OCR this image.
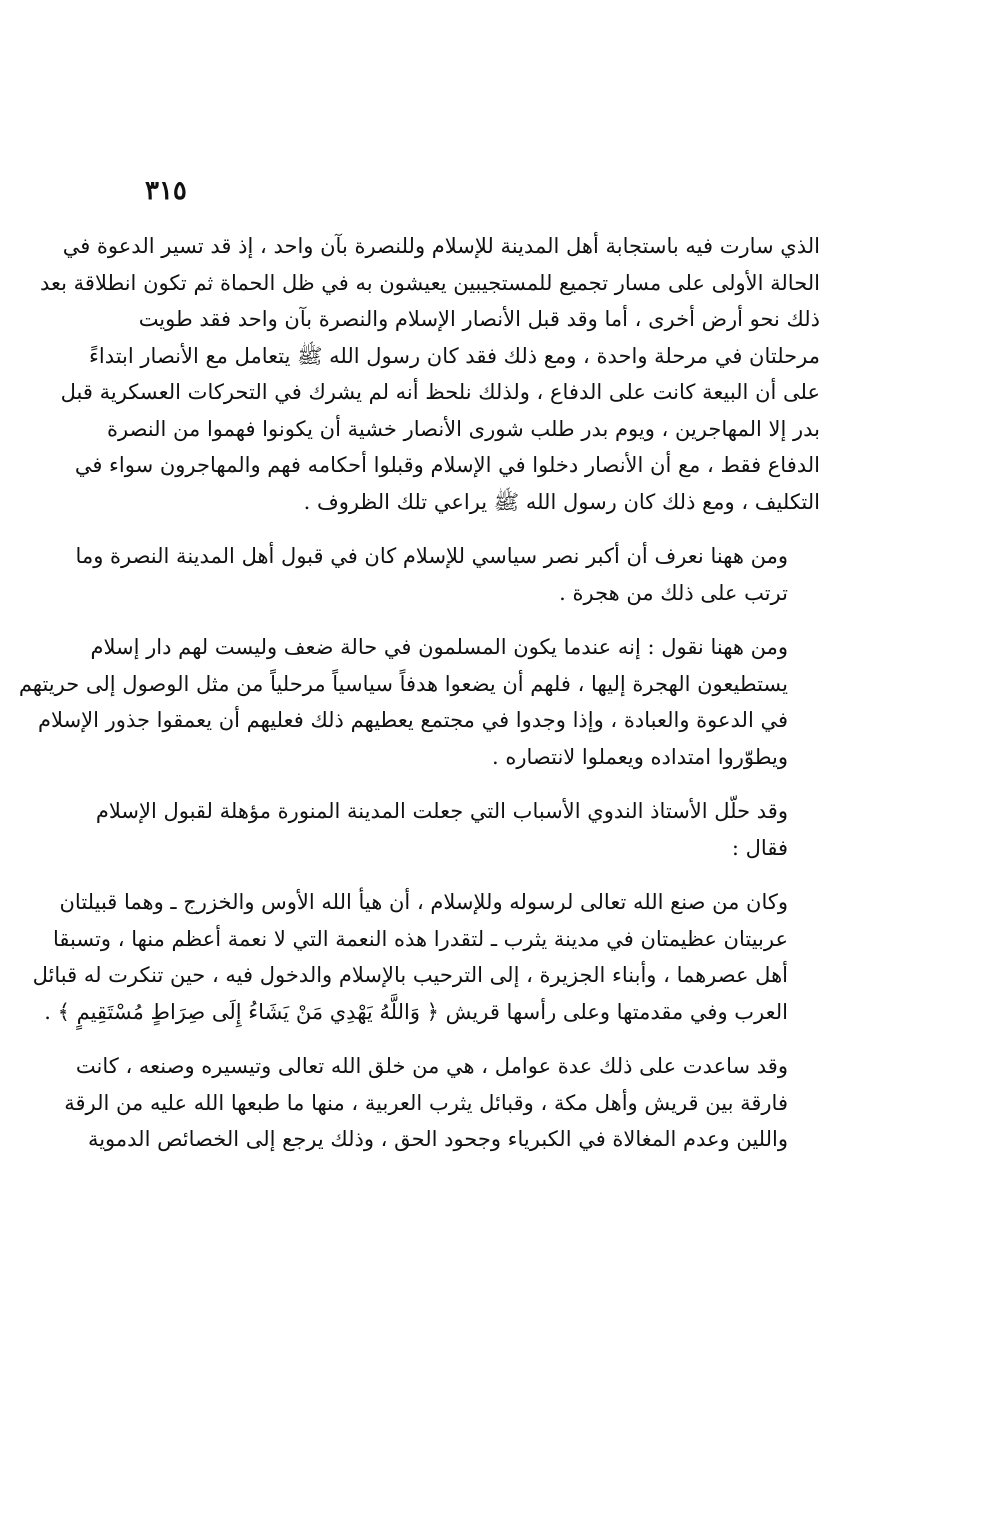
٣١٥

الذي سارت فيه باستجابة أهل المدينة للإسلام وللنصرة بآن واحد ، إذ قد تسير الدعوة في
الحالة الأولى على مسار تجميع للمستجيبين يعيشون به في ظل الحماة ثم تكون انطلاقة بعد
ذلك نحو أرض أخرى ، أما وقد قبل الأنصار الإسلام والنصرة بآن واحد فقد طويت
مرحلتان في مرحلة واحدة ، ومع ذلك فقد كان رسول الله ﷺ يتعامل مع الأنصار ابتداءً
على أن البيعة كانت على الدفاع ، ولذلك نلحظ أنه لم يشرك في التحركات العسكرية قبل
بدر إلا المهاجرين ، ويوم بدر طلب شورى الأنصار خشية أن يكونوا فهموا من النصرة
الدفاع فقط ، مع أن الأنصار دخلوا في الإسلام وقبلوا أحكامه فهم والمهاجرون سواء في
التكليف ، ومع ذلك كان رسول الله ﷺ يراعي تلك الظروف .

ومن ههنا نعرف أن أكبر نصر سياسي للإسلام كان في قبول أهل المدينة النصرة وما
ترتب على ذلك من هجرة .

ومن ههنا نقول : إنه عندما يكون المسلمون في حالة ضعف وليست لهم دار إسلام
يستطيعون الهجرة إليها ، فلهم أن يضعوا هدفاً سياسياً مرحلياً من مثل الوصول إلى حريتهم
في الدعوة والعبادة ، وإذا وجدوا في مجتمع يعطيهم ذلك فعليهم أن يعمقوا جذور الإسلام
ويطوّروا امتداده ويعملوا لانتصاره .

وقد حلّل الأستاذ الندوي الأسباب التي جعلت المدينة المنورة مؤهلة لقبول الإسلام
فقال :

وكان من صنع الله تعالى لرسوله وللإسلام ، أن هيأ الله الأوس والخزرج ـ وهما قبيلتان
عربيتان عظيمتان في مدينة يثرب ـ لتقدرا هذه النعمة التي لا نعمة أعظم منها ، وتسبقا
أهل عصرهما ، وأبناء الجزيرة ، إلى الترحيب بالإسلام والدخول فيه ، حين تنكرت له قبائل
العرب وفي مقدمتها وعلى رأسها قريش ﴿ وَاللَّهُ يَهْدِي مَنْ يَشَاءُ إِلَى صِرَاطٍ مُسْتَقِيمٍ ﴾ .

وقد ساعدت على ذلك عدة عوامل ، هي من خلق الله تعالى وتيسيره وصنعه ، كانت
فارقة بين قريش وأهل مكة ، وقبائل يثرب العربية ، منها ما طبعها الله عليه من الرقة
واللين وعدم المغالاة في الكبرياء وجحود الحق ، وذلك يرجع إلى الخصائص الدموية
